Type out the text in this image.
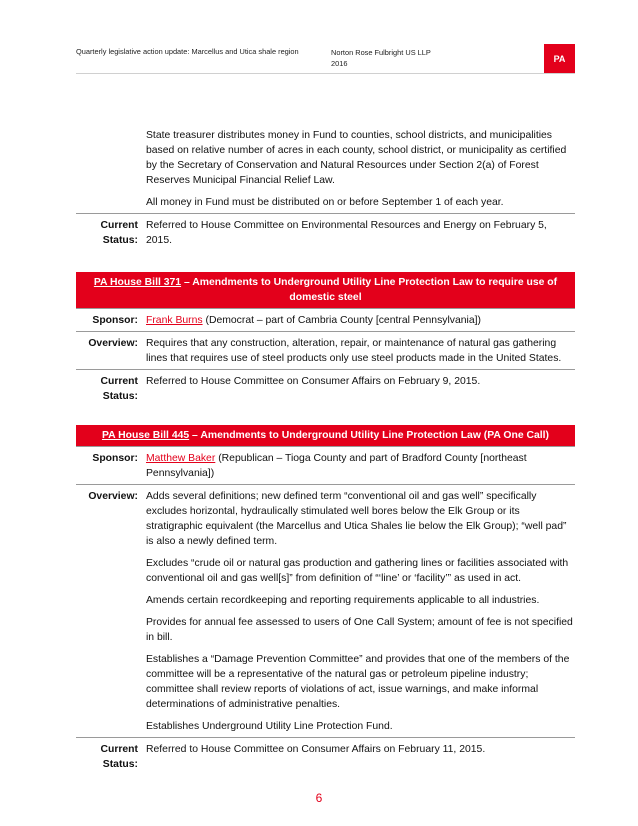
Quarterly legislative action update: Marcellus and Utica shale region	Norton Rose Fulbright US LLP
2016	PA

State treasurer distributes money in Fund to counties, school districts, and municipalities based on relative number of acres in each county, school district, or municipality as certified by the Secretary of Conservation and Natural Resources under Section 2(a) of Forest Reserves Municipal Financial Relief Law.

All money in Fund must be distributed on or before September 1 of each year.

Current Status:
Referred to House Committee on Environmental Resources and Energy on February 5, 2015.
PA House Bill 371 – Amendments to Underground Utility Line Protection Law to require use of domestic steel
Sponsor: Frank Burns (Democrat – part of Cambria County [central Pennsylvania])
Overview: Requires that any construction, alteration, repair, or maintenance of natural gas gathering lines that requires use of steel products only use steel products made in the United States.
Current Status:
Referred to House Committee on Consumer Affairs on February 9, 2015.
PA House Bill 445 – Amendments to Underground Utility Line Protection Law (PA One Call)
Sponsor: Matthew Baker (Republican – Tioga County and part of Bradford County [northeast Pennsylvania])
Overview: Adds several definitions; new defined term “conventional oil and gas well” specifically excludes horizontal, hydraulically stimulated well bores below the Elk Group or its stratigraphic equivalent (the Marcellus and Utica Shales lie below the Elk Group); “well pad” is also a newly defined term.

Excludes “crude oil or natural gas production and gathering lines or facilities associated with conventional oil and gas well[s]” from definition of “‘line’ or ‘facility’” as used in act.

Amends certain recordkeeping and reporting requirements applicable to all industries.

Provides for annual fee assessed to users of One Call System; amount of fee is not specified in bill.

Establishes a “Damage Prevention Committee” and provides that one of the members of the committee will be a representative of the natural gas or petroleum pipeline industry; committee shall review reports of violations of act, issue warnings, and make informal determinations of administrative penalties.

Establishes Underground Utility Line Protection Fund.

Current Status:
Referred to House Committee on Consumer Affairs on February 11, 2015.
6
